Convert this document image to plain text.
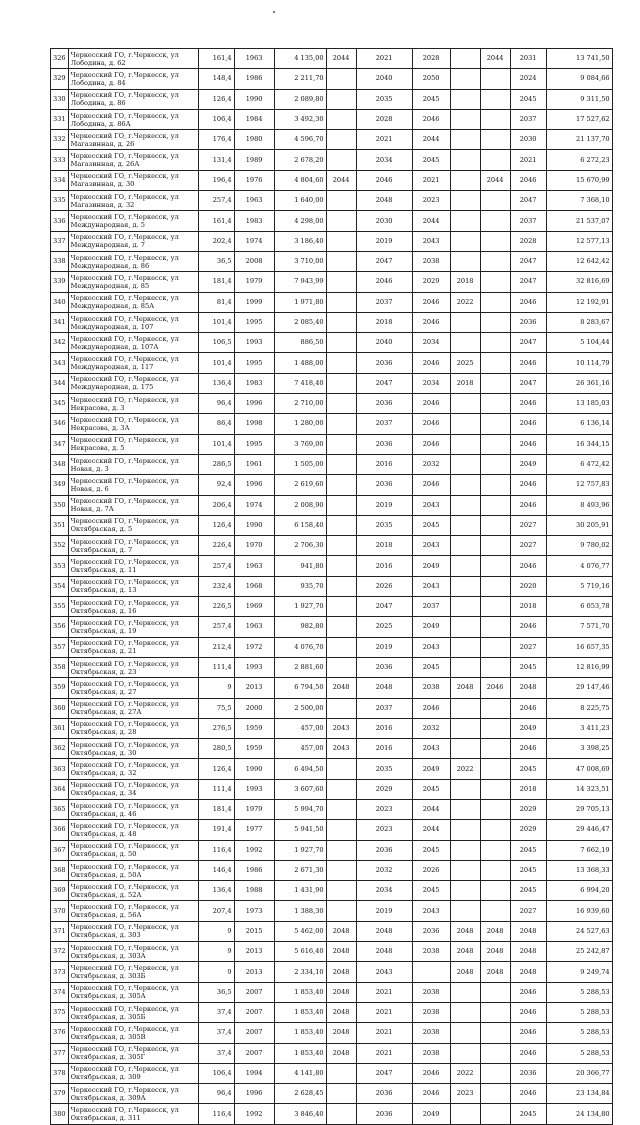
326	Черкесский ГО, г.Черкесск, ул Лободина, д. 62	161,4	1963	4 135,00	2044	2021	2028		2044	2031	13 741,50
329	Черкесский ГО, г.Черкесск, ул Лободина, д. 84	148,4	1986	2 211,70		2040	2050			2024	9 084,66
330	Черкесский ГО, г.Черкесск, ул Лободина, д. 86	126,4	1990	2 089,80		2035	2045			2045	9 311,50
331	Черкесский ГО, г.Черкесск, ул Лободина, д. 86А	106,4	1984	3 492,30		2028	2046			2037	17 527,62
332	Черкесский ГО, г.Черкесск, ул Магазинная, д. 26	176,4	1980	4 596,70		2021	2044			2030	21 137,70
333	Черкесский ГО, г.Черкесск, ул Магазинная, д. 26А	131,4	1989	2 678,20		2034	2045			2021	6 272,23
334	Черкесский ГО, г.Черкесск, ул Магазинная, д. 30	196,4	1976	4 804,60	2044	2046	2021		2044	2046	15 670,99
335	Черкесский ГО, г.Черкесск, ул Магазинная, д. 32	257,4	1963	1 640,00		2048	2023			2047	7 368,10
336	Черкесский ГО, г.Черкесск, ул Международная, д. 5	161,4	1983	4 298,00		2030	2044			2037	21 537,07
337	Черкесский ГО, г.Черкесск, ул Международная, д. 7	202,4	1974	3 186,40		2019	2043			2028	12 577,13
338	Черкесский ГО, г.Черкесск, ул Международная, д. 86	36,5	2008	3 710,00		2047	2038			2047	12 642,42
339	Черкесский ГО, г.Черкесск, ул Международная, д. 85	181,4	1979	7 943,99		2046	2029	2018		2047	32 816,69
340	Черкесский ГО, г.Черкесск, ул Международная, д. 85А	81,4	1999	1 971,80		2037	2046	2022		2046	12 192,91
341	Черкесский ГО, г.Черкесск, ул Международная, д. 107	101,4	1995	2 085,40		2018	2046			2036	8 283,67
342	Черкесский ГО, г.Черкесск, ул Международная, д. 107А	106,5	1993	886,50		2040	2034			2047	5 104,44
343	Черкесский ГО, г.Черкесск, ул Международная, д. 117	101,4	1995	1 488,00		2036	2046	2025		2046	10 114,79
344	Черкесский ГО, г.Черкесск, ул Международная, д. 175	136,4	1983	7 418,40		2047	2034	2018		2047	26 361,16
345	Черкесский ГО, г.Черкесск, ул Некрасова, д. 3	96,4	1996	2 710,00		2036	2046			2046	13 185,03
346	Черкесский ГО, г.Черкесск, ул Некрасова, д. 3А	86,4	1998	1 280,00		2037	2046			2046	6 136,14
347	Черкесский ГО, г.Черкесск, ул Некрасова, д. 5	101,4	1995	3 769,00		2036	2046			2046	16 344,15
348	Черкесский ГО, г.Черкесск, ул Новая, д. 3	286,5	1961	1 505,00		2016	2032			2049	6 472,42
349	Черкесский ГО, г.Черкесск, ул Новая, д. 6	92,4	1996	2 619,60		2036	2046			2046	12 757,83
350	Черкесский ГО, г.Черкесск, ул Новая, д. 7А	206,4	1974	2 008,90		2019	2043			2046	8 493,96
351	Черкесский ГО, г.Черкесск, ул Октябрьская, д. 5	126,4	1990	6 158,40		2035	2045			2027	30 205,91
352	Черкесский ГО, г.Черкесск, ул Октябрьская, д. 7	226,4	1970	2 706,30		2018	2043			2027	9 780,02
353	Черкесский ГО, г.Черкесск, ул Октябрьская, д. 11	257,4	1963	941,80		2016	2049			2046	4 076,77
354	Черкесский ГО, г.Черкесск, ул Октябрьская, д. 13	232,4	1968	935,70		2026	2043			2020	5 719,16
355	Черкесский ГО, г.Черкесск, ул Октябрьская, д. 16	226,5	1969	1 927,70		2047	2037			2018	6 053,78
356	Черкесский ГО, г.Черкесск, ул Октябрьская, д. 19	257,4	1963	982,80		2025	2049			2046	7 571,70
357	Черкесский ГО, г.Черкесск, ул Октябрьская, д. 21	212,4	1972	4 076,70		2019	2043			2027	16 657,35
358	Черкесский ГО, г.Черкесск, ул Октябрьская, д. 23	111,4	1993	2 881,60		2036	2045			2045	12 816,99
359	Черкесский ГО, г.Черкесск, ул Октябрьская, д. 27	9	2013	6 794,50	2048	2048	2038	2048	2046	2048	29 147,46
360	Черкесский ГО, г.Черкесск, ул Октябрьская, д. 27А	75,5	2000	2 500,00		2037	2046			2046	8 225,75
361	Черкесский ГО, г.Черкесск, ул Октябрьская, д. 28	276,5	1959	457,00	2043	2016	2032			2049	3 411,23
362	Черкесский ГО, г.Черкесск, ул Октябрьская, д. 30	280,5	1959	457,00	2043	2016	2043			2046	3 398,25
363	Черкесский ГО, г.Черкесск, ул Октябрьская, д. 32	126,4	1990	6 494,50		2035	2049	2022		2045	47 008,69
364	Черкесский ГО, г.Черкесск, ул Октябрьская, д. 34	111,4	1993	3 607,60		2029	2045			2018	14 323,51
365	Черкесский ГО, г.Черкесск, ул Октябрьская, д. 46	181,4	1979	5 994,70		2023	2044			2029	29 705,13
366	Черкесский ГО, г.Черкесск, ул Октябрьская, д. 48	191,4	1977	5 941,50		2023	2044			2029	29 446,47
367	Черкесский ГО, г.Черкесск, ул Октябрьская, д. 50	116,4	1992	1 927,70		2036	2045			2045	7 662,19
368	Черкесский ГО, г.Черкесск, ул Октябрьская, д. 50А	146,4	1986	2 671,30		2032	2026			2045	13 368,33
369	Черкесский ГО, г.Черкесск, ул Октябрьская, д. 52А	136,4	1988	1 431,90		2034	2045			2045	6 994,20
370	Черкесский ГО, г.Черкесск, ул Октябрьская, д. 56А	207,4	1973	1 388,30		2019	2043			2027	16 939,60
371	Черкесский ГО, г.Черкесск, ул Октябрьская, д. 303	9	2015	5 462,00	2048	2048	2036	2048	2048	2048	24 527,63
372	Черкесский ГО, г.Черкесск, ул Октябрьская, д. 303А	9	2013	5 616,40	2048	2048	2038	2048	2048	2048	25 242,87
373	Черкесский ГО, г.Черкесск, ул Октябрьская, д. 303Б	9	2013	2 334,10	2048	2043		2048	2048	2048	9 249,74
374	Черкесский ГО, г.Черкесск, ул Октябрьская, д. 305А	36,5	2007	1 853,40	2048	2021	2038			2046	5 288,53
375	Черкесский ГО, г.Черкесск, ул Октябрьская, д. 305Б	37,4	2007	1 853,40	2048	2021	2038			2046	5 288,53
376	Черкесский ГО, г.Черкесск, ул Октябрьская, д. 305В	37,4	2007	1 853,40	2048	2021	2038			2046	5 288,53
377	Черкесский ГО, г.Черкесск, ул Октябрьская, д. 305Г	37,4	2007	1 853,40	2048	2021	2038			2046	5 288,53
378	Черкесский ГО, г.Черкесск, ул Октябрьская, д. 309	106,4	1994	4 141,80		2047	2046	2022		2036	20 366,77
379	Черкесский ГО, г.Черкесск, ул Октябрьская, д. 309А	96,4	1996	2 628,45		2036	2046	2023		2046	23 134,84
380	Черкесский ГО, г.Черкесск, ул Октябрьская, д. 311	116,4	1992	3 846,40		2036	2049			2045	24 134,80
